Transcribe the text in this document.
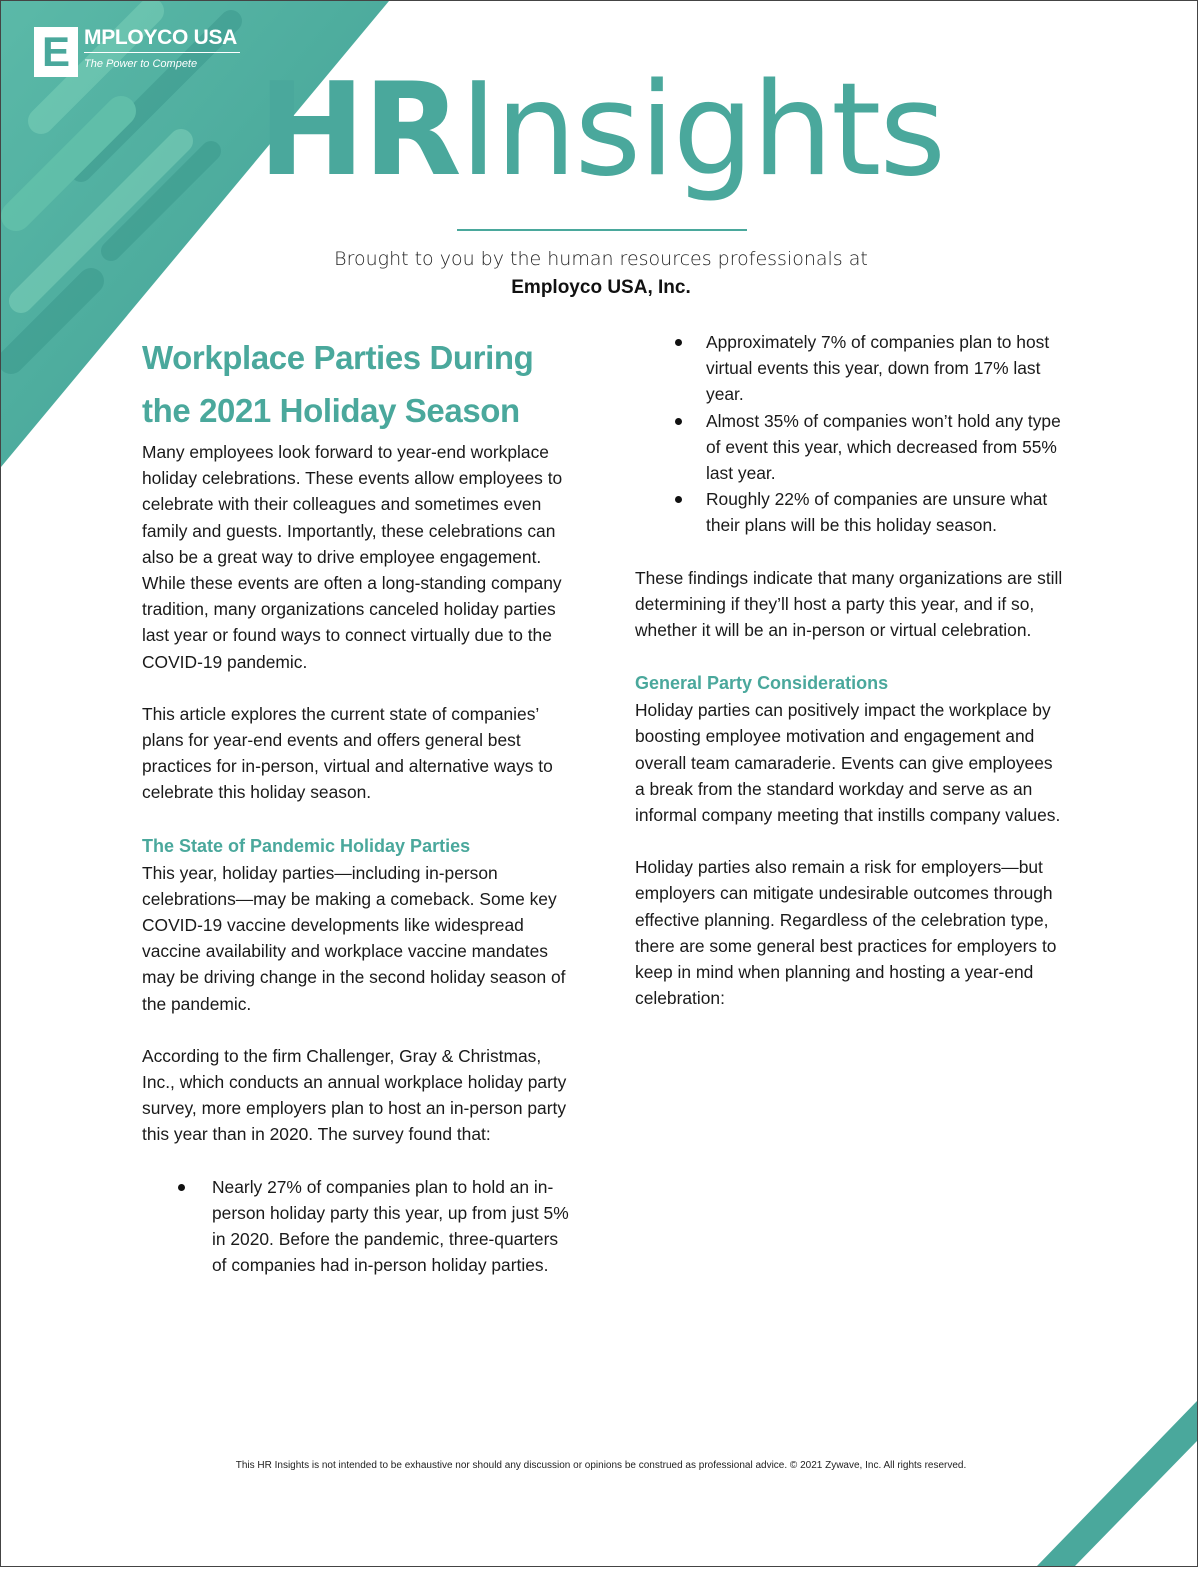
E MPLOYCO USA
The Power to Compete HRInsights
Brought to you by the human resources professionals at
Employco USA, Inc.
Workplace Parties During
the 2021 Holiday Season

Many employees look forward to year-end workplace holiday celebrations. These events allow employees to celebrate with their colleagues and sometimes even family and guests. Importantly, these celebrations can also be a great way to drive employee engagement. While these events are often a long-standing company tradition, many organizations canceled holiday parties last year or found ways to connect virtually due to the COVID-19 pandemic.

This article explores the current state of companies’ plans for year-end events and offers general best practices for in-person, virtual and alternative ways to celebrate this holiday season.

The State of Pandemic Holiday Parties

This year, holiday parties—including in-person celebrations—may be making a comeback. Some key COVID-19 vaccine developments like widespread vaccine availability and workplace vaccine mandates may be driving change in the second holiday season of the pandemic.

According to the firm Challenger, Gray & Christmas, Inc., which conducts an annual workplace holiday party survey, more employers plan to host an in-person party this year than in 2020. The survey found that:

Nearly 27% of companies plan to hold an in-person holiday party this year, up from just 5% in 2020. Before the pandemic, three-quarters of companies had in-person holiday parties.
Approximately 7% of companies plan to host virtual events this year, down from 17% last year.
Almost 35% of companies won’t hold any type of event this year, which decreased from 55% last year.
Roughly 22% of companies are unsure what their plans will be this holiday season.

These findings indicate that many organizations are still determining if they’ll host a party this year, and if so, whether it will be an in-person or virtual celebration.

General Party Considerations

Holiday parties can positively impact the workplace by boosting employee motivation and engagement and overall team camaraderie. Events can give employees a break from the standard workday and serve as an informal company meeting that instills company values.

Holiday parties also remain a risk for employers—but employers can mitigate undesirable outcomes through effective planning. Regardless of the celebration type, there are some general best practices for employers to keep in mind when planning and hosting a year-end celebration:

This HR Insights is not intended to be exhaustive nor should any discussion or opinions be construed as professional advice. © 2021 Zywave, Inc. All rights reserved.
